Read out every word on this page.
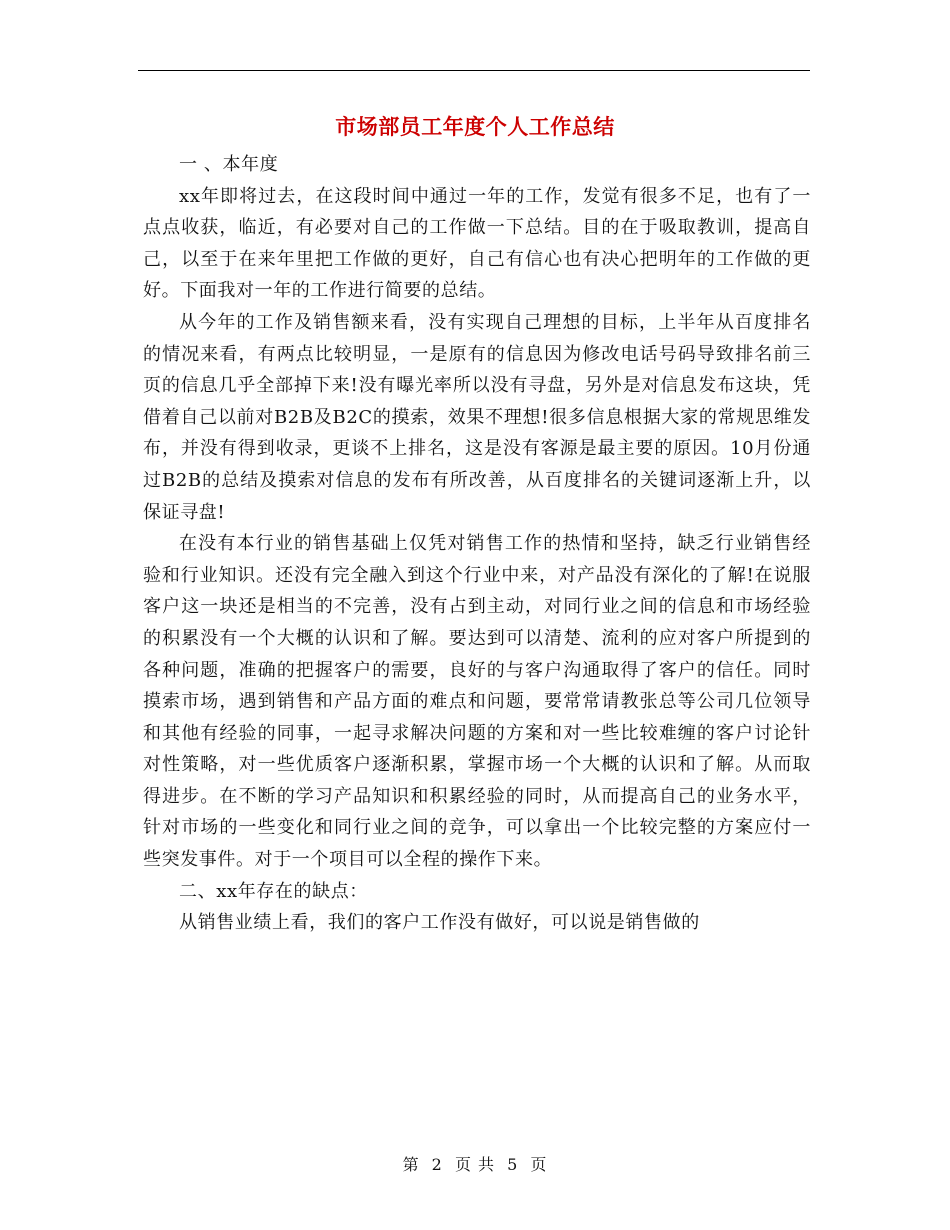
市场部员工年度个人工作总结

一 、本年度

xx年即将过去，在这段时间中通过一年的工作，发觉有很多不足，也有了一点点收获，临近，有必要对自己的工作做一下总结。目的在于吸取教训，提高自己，以至于在来年里把工作做的更好，自己有信心也有决心把明年的工作做的更好。下面我对一年的工作进行简要的总结。

从今年的工作及销售额来看，没有实现自己理想的目标，上半年从百度排名的情况来看，有两点比较明显，一是原有的信息因为修改电话号码导致排名前三页的信息几乎全部掉下来!没有曝光率所以没有寻盘，另外是对信息发布这块，凭借着自己以前对B2B及B2C的摸索，效果不理想!很多信息根据大家的常规思维发布，并没有得到收录，更谈不上排名，这是没有客源是最主要的原因。10月份通过B2B的总结及摸索对信息的发布有所改善，从百度排名的关键词逐渐上升，以保证寻盘!

在没有本行业的销售基础上仅凭对销售工作的热情和坚持，缺乏行业销售经验和行业知识。还没有完全融入到这个行业中来，对产品没有深化的了解!在说服客户这一块还是相当的不完善，没有占到主动，对同行业之间的信息和市场经验的积累没有一个大概的认识和了解。要达到可以清楚、流利的应对客户所提到的各种问题，准确的把握客户的需要，良好的与客户沟通取得了客户的信任。同时摸索市场，遇到销售和产品方面的难点和问题，要常常请教张总等公司几位领导和其他有经验的同事，一起寻求解决问题的方案和对一些比较难缠的客户讨论针对性策略，对一些优质客户逐渐积累，掌握市场一个大概的认识和了解。从而取得进步。在不断的学习产品知识和积累经验的同时，从而提高自己的业务水平，针对市场的一些变化和同行业之间的竞争，可以拿出一个比较完整的方案应付一些突发事件。对于一个项目可以全程的操作下来。

二、xx年存在的缺点：

从销售业绩上看，我们的客户工作没有做好，可以说是销售做的

第 2 页 共 5 页
